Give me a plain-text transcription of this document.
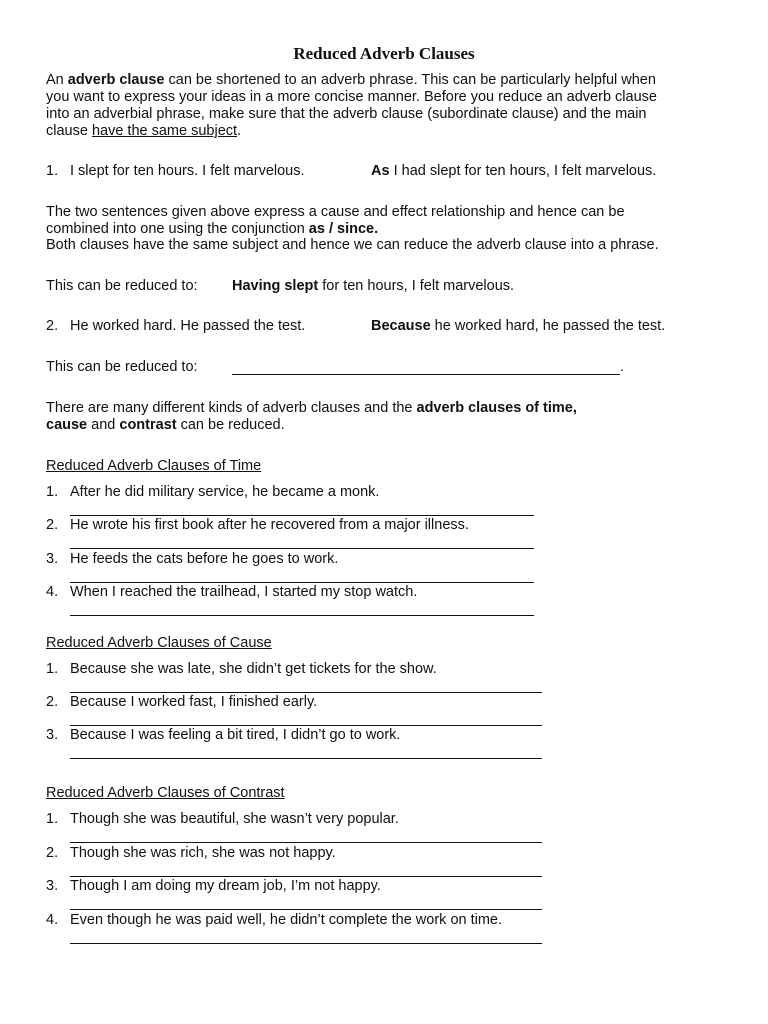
Reduced Adverb Clauses
An adverb clause can be shortened to an adverb phrase. This can be particularly helpful when
you want to express your ideas in a more concise manner. Before you reduce an adverb clause
into an adverbial phrase, make sure that the adverb clause (subordinate clause) and the main
clause have the same subject.
1. I slept for ten hours. I felt marvelous.	As I had slept for ten hours, I felt marvelous.
The two sentences given above express a cause and effect relationship and hence can be
combined into one using the conjunction as / since.
Both clauses have the same subject and hence we can reduce the adverb clause into a phrase.
This can be reduced to: Having slept for ten hours, I felt marvelous.
2. He worked hard. He passed the test.	Because he worked hard, he passed the test.
This can be reduced to:	.
There are many different kinds of adverb clauses and the adverb clauses of time,
cause and contrast can be reduced.
Reduced Adverb Clauses of Time
1. After he did military service, he became a monk.
2. He wrote his first book after he recovered from a major illness.
3. He feeds the cats before he goes to work.
4. When I reached the trailhead, I started my stop watch.
Reduced Adverb Clauses of Cause
1. Because she was late, she didn’t get tickets for the show.
2. Because I worked fast, I finished early.
3. Because I was feeling a bit tired, I didn’t go to work.
Reduced Adverb Clauses of Contrast
1. Though she was beautiful, she wasn’t very popular.
2. Though she was rich, she was not happy.
3. Though I am doing my dream job, I’m not happy.
4. Even though he was paid well, he didn’t complete the work on time.
